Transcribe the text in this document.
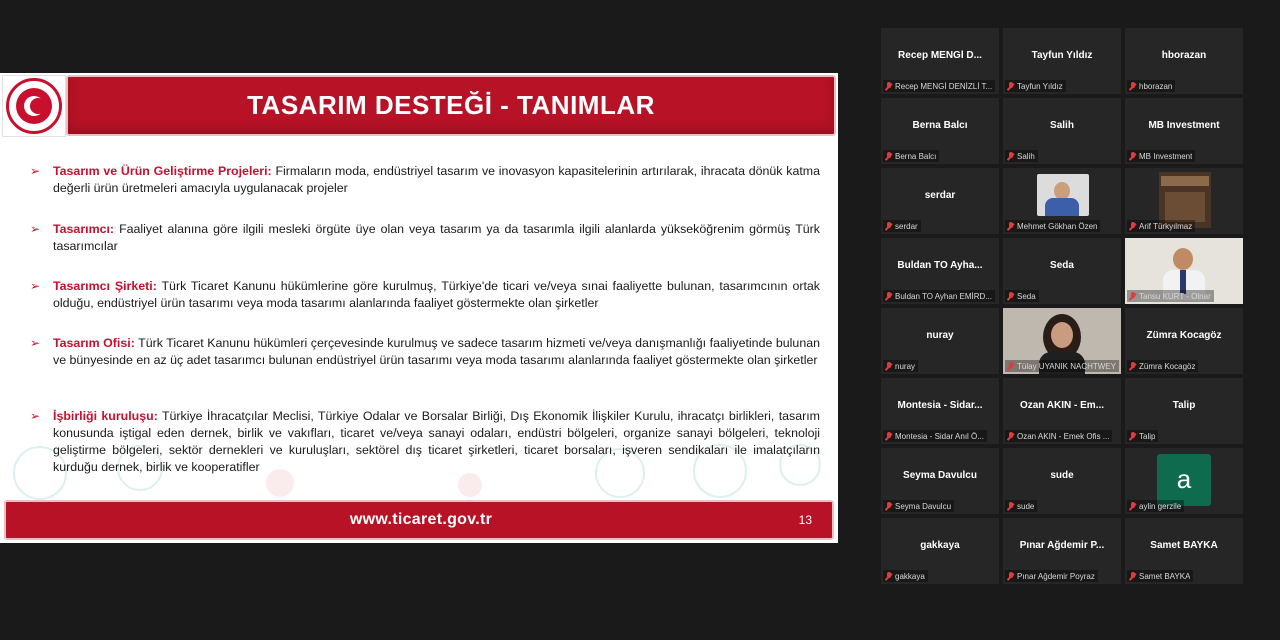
TASARIM DESTEĞİ - TANIMLAR
➢ Tasarım ve Ürün Geliştirme Projeleri: Firmaların moda, endüstriyel tasarım ve inovasyon kapasitelerinin artırılarak, ihracata dönük katma değerli ürün üretmeleri amacıyla uygulanacak projeler
➢ Tasarımcı: Faaliyet alanına göre ilgili mesleki örgüte üye olan veya tasarım ya da tasarımla ilgili alanlarda yükseköğrenim görmüş Türk tasarımcılar
➢ Tasarımcı Şirketi: Türk Ticaret Kanunu hükümlerine göre kurulmuş, Türkiye'de ticari ve/veya sınai faaliyette bulunan, tasarımcının ortak olduğu, endüstriyel ürün tasarımı veya moda tasarımı alanlarında faaliyet göstermekte olan şirketler
➢ Tasarım Ofisi: Türk Ticaret Kanunu hükümleri çerçevesinde kurulmuş ve sadece tasarım hizmeti ve/veya danışmanlığı faaliyetinde bulunan ve bünyesinde en az üç adet tasarımcı bulunan endüstriyel ürün tasarımı veya moda tasarımı alanlarında faaliyet göstermekte olan şirketler
➢ İşbirliği kuruluşu: Türkiye İhracatçılar Meclisi, Türkiye Odalar ve Borsalar Birliği, Dış Ekonomik İlişkiler Kurulu, ihracatçı birlikleri, tasarım konusunda iştigal eden dernek, birlik ve vakıfları, ticaret ve/veya sanayi odaları, endüstri bölgeleri, organize sanayi bölgeleri, teknoloji geliştirme bölgeleri, sektör dernekleri ve kuruluşları, sektörel dış ticaret şirketleri, ticaret borsaları, işveren sendikaları ile imalatçıların kurduğu dernek, birlik ve kooperatifler
www.ticaret.gov.tr	13
Recep MENGİ D...
Recep MENGİ DENİZLİ T...
Tayfun Yıldız
Tayfun Yıldız
hborazan
hborazan
Berna Balcı
Berna Balcı
Salih
Salih
MB Investment
MB Investment
serdar
serdar	Mehmet Gökhan Özen	Arif Türkyılmaz
Buldan TO Ayha...
Buldan TO Ayhan EMİRD...
Seda
Seda	Tansu KURT - Olnar
nuray
nuray	Tülay UYANIK NACHTWEY
Zümra Kocagöz
Zümra Kocagöz
Montesia - Sidar...
Montesia - Sidar Anıl Ö...
Ozan AKIN - Em...
Ozan AKIN - Emek Ofis ...
Talip
Talip
Seyma Davulcu
Seyma Davulcu
sude
sude
a
aylin gerzile
gakkaya
gakkaya
Pınar Ağdemir P...
Pınar Ağdemir Poyraz
Samet BAYKA
Samet BAYKA
